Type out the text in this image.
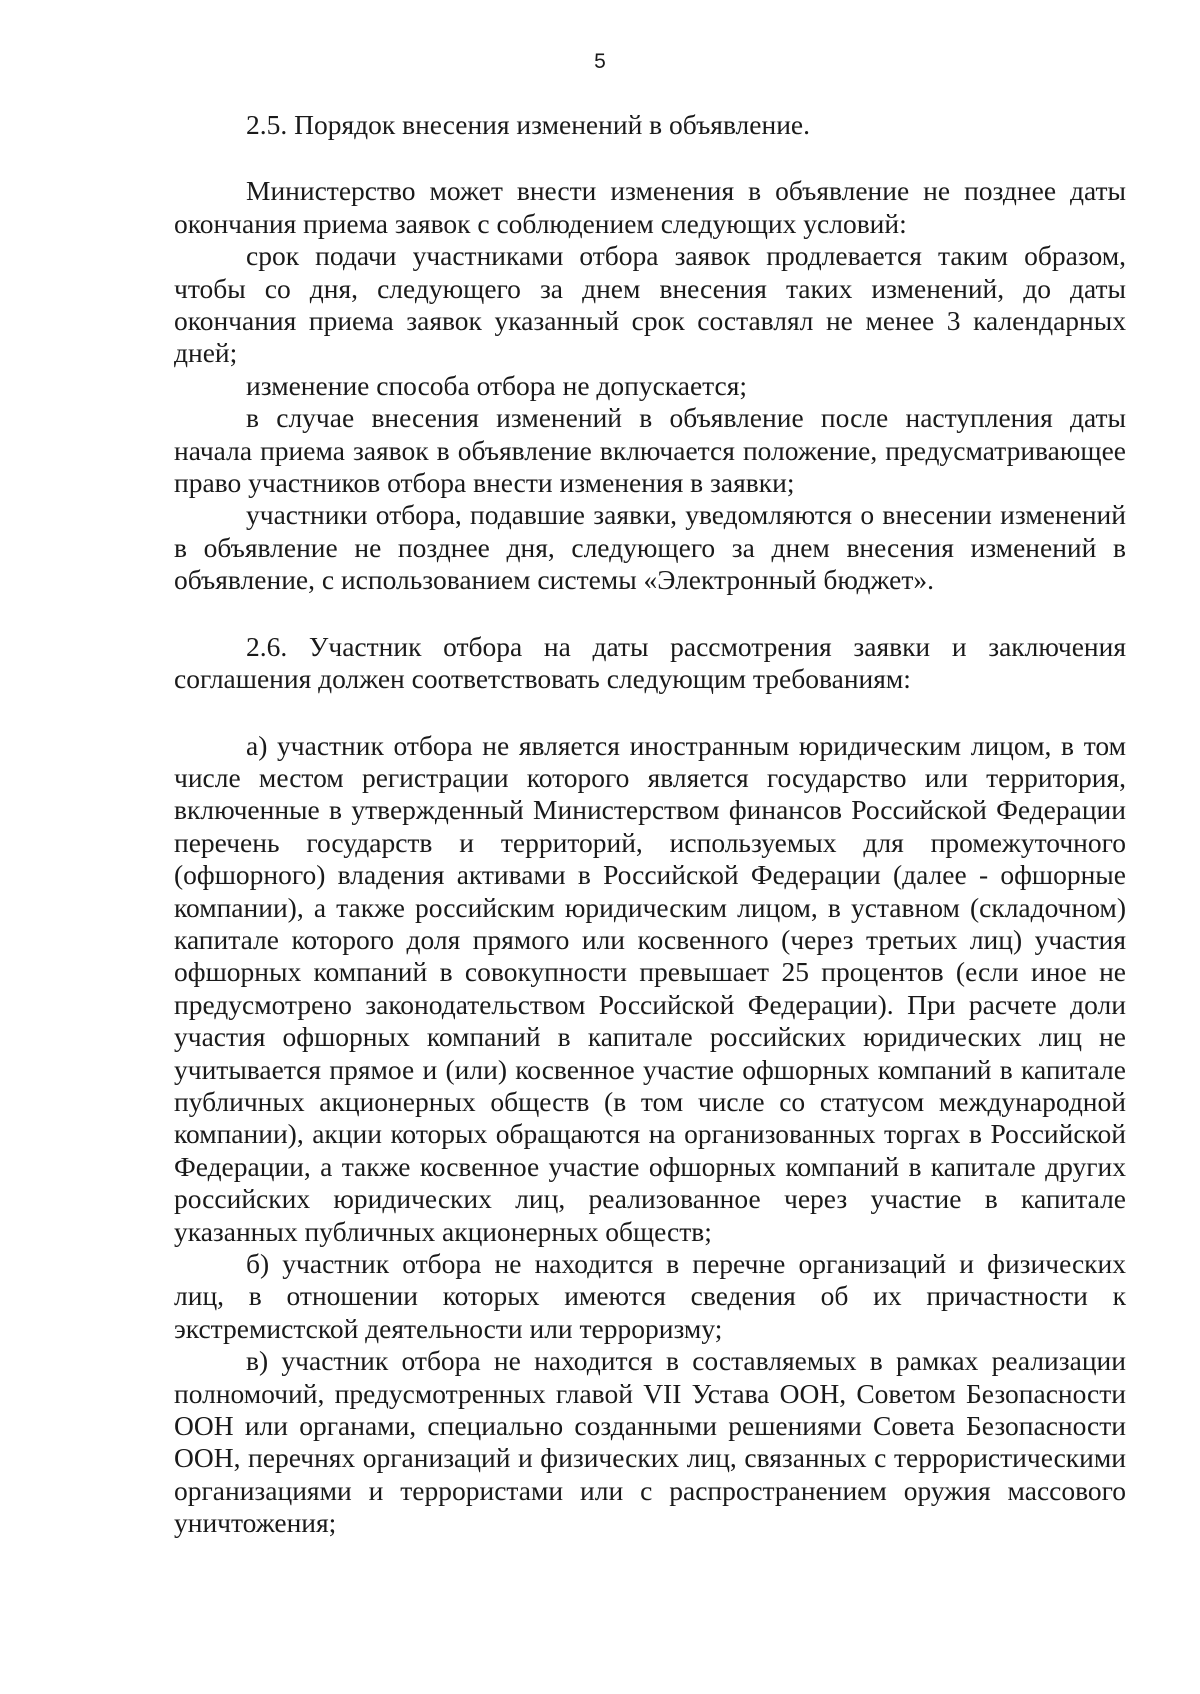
5

2.5. Порядок внесения изменений в объявление.

Министерство может внести изменения в объявление не позднее даты окончания приема заявок с соблюдением следующих условий:

срок подачи участниками отбора заявок продлевается таким образом, чтобы со дня, следующего за днем внесения таких изменений, до даты окончания приема заявок указанный срок составлял не менее 3 календарных дней;

изменение способа отбора не допускается;

в случае внесения изменений в объявление после наступления даты начала приема заявок в объявление включается положение, предусматривающее право участников отбора внести изменения в заявки;

участники отбора, подавшие заявки, уведомляются о внесении изменений в объявление не позднее дня, следующего за днем внесения изменений в объявление, с использованием системы «Электронный бюджет».

2.6. Участник отбора на даты рассмотрения заявки и заключения соглашения должен соответствовать следующим требованиям:

а) участник отбора не является иностранным юридическим лицом, в том числе местом регистрации которого является государство или территория, включенные в утвержденный Министерством финансов Российской Федерации перечень государств и территорий, используемых для промежуточного (офшорного) владения активами в Российской Федерации (далее - офшорные компании), а также российским юридическим лицом, в уставном (складочном) капитале которого доля прямого или косвенного (через третьих лиц) участия офшорных компаний в совокупности превышает 25 процентов (если иное не предусмотрено законодательством Российской Федерации). При расчете доли участия офшорных компаний в капитале российских юридических лиц не учитывается прямое и (или) косвенное участие офшорных компаний в капитале публичных акционерных обществ (в том числе со статусом международной компании), акции которых обращаются на организованных торгах в Российской Федерации, а также косвенное участие офшорных компаний в капитале других российских юридических лиц, реализованное через участие в капитале указанных публичных акционерных обществ;

б) участник отбора не находится в перечне организаций и физических лиц, в отношении которых имеются сведения об их причастности к экстремистской деятельности или терроризму;

в) участник отбора не находится в составляемых в рамках реализации полномочий, предусмотренных главой VII Устава ООН, Советом Безопасности ООН или органами, специально созданными решениями Совета Безопасности ООН, перечнях организаций и физических лиц, связанных с террористическими организациями и террористами или с распространением оружия массового уничтожения;
